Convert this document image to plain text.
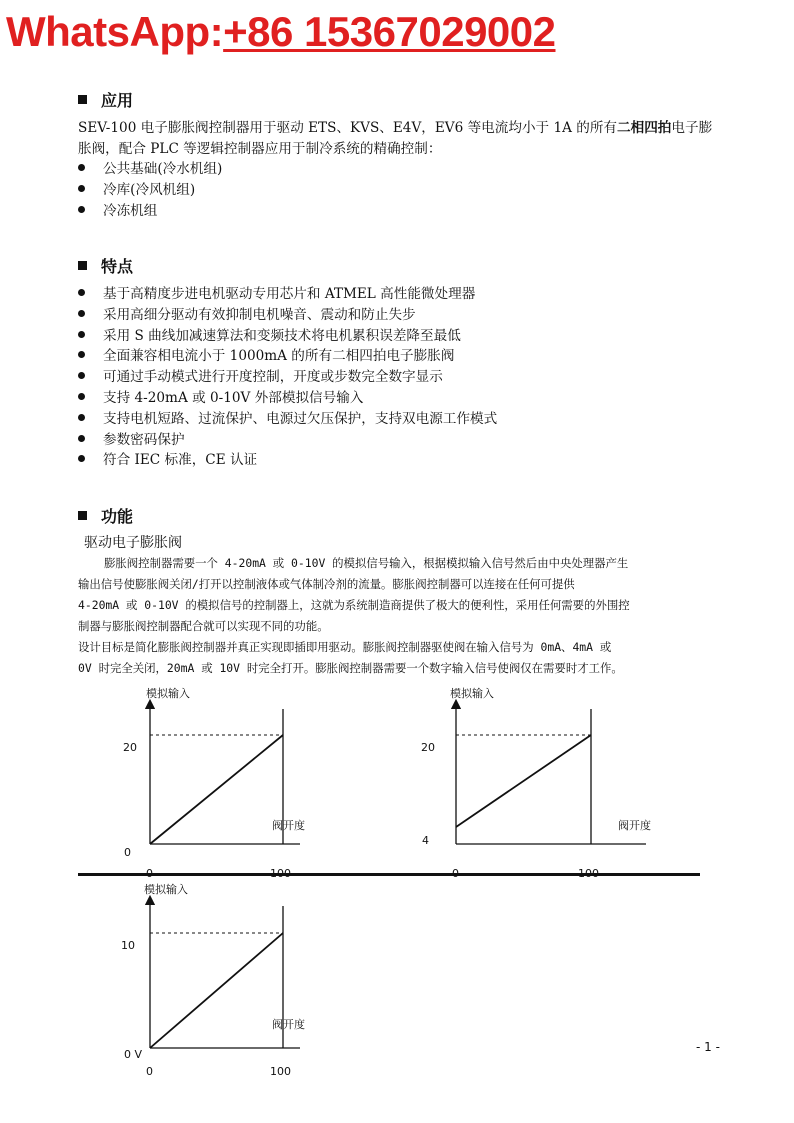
WhatsApp:+86 15367029002
应用
SEV-100 电子膨胀阀控制器用于驱动 ETS、KVS、E4V，EV6 等电流均小于 1A 的所有二相四拍电子膨胀阀，配合 PLC 等逻辑控制器应用于制冷系统的精确控制：
公共基础(冷水机组)
冷库(冷风机组)
冷冻机组
特点
基于高精度步进电机驱动专用芯片和 ATMEL 高性能微处理器
采用高细分驱动有效抑制电机噪音、震动和防止失步
采用 S 曲线加减速算法和变频技术将电机累积误差降至最低
全面兼容相电流小于 1000mA 的所有二相四拍电子膨胀阀
可通过手动模式进行开度控制，开度或步数完全数字显示
支持 4-20mA 或 0-10V 外部模拟信号输入
支持电机短路、过流保护、电源过欠压保护，支持双电源工作模式
参数密码保护
符合 IEC 标准，CE 认证
功能
驱动电子膨胀阀
膨胀阀控制器需要一个 4-20mA 或 0-10V 的模拟信号输入，根据模拟输入信号然后由中央处理器产生
输出信号使膨胀阀关闭/打开以控制液体或气体制冷剂的流量。膨胀阀控制器可以连接在任何可提供
4-20mA 或 0-10V 的模拟信号的控制器上，这就为系统制造商提供了极大的便利性，采用任何需要的外围控
制器与膨胀阀控制器配合就可以实现不同的功能。
设计目标是简化膨胀阀控制器并真正实现即插即用驱动。膨胀阀控制器驱使阀在输入信号为 0mA、4mA 或
0V 时完全关闭，20mA 或 10V 时完全打开。膨胀阀控制器需要一个数字输入信号使阀仅在需要时才工作。
模拟输入
20
0
阀开度
模拟输入
20
4
阀开度
模拟输入
10
0 V
阀开度
0	100
- 1 -
